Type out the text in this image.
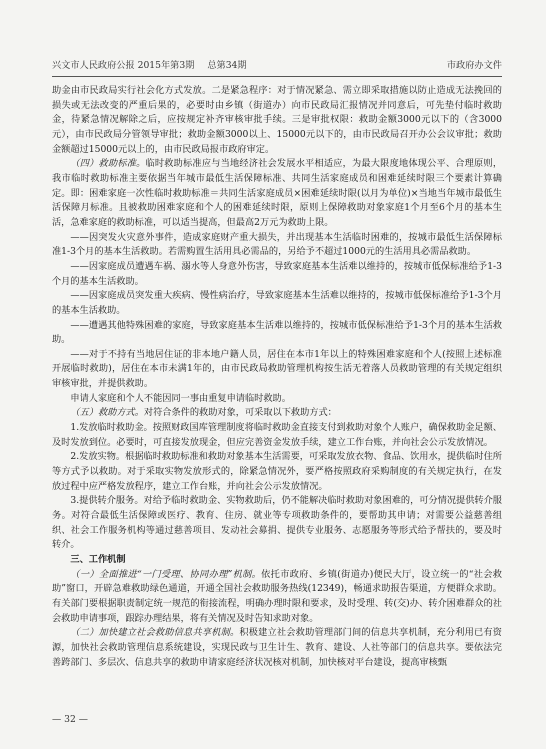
兴文市人民政府公报 2015年第3期 总第34期	市政府办文件

助金由市民政局实行社会化方式发放。二是紧急程序：对于情况紧急、需立即采取措施以防止造成无法挽回的损失或无法改变的严重后果的，必要时由乡镇（街道办）向市民政局汇报情况并同意后，可先垫付临时救助金，待紧急情况解除之后，应按规定补齐审核审批手续。三是审批权限：救助金额3000元以下的（含3000元），由市民政局分管领导审批；救助金额3000以上、15000元以下的，由市民政局召开办公会议审批；救助金额超过15000元以上的，由市民政局报市政府审定。

（四）救助标准。临时救助标准应与当地经济社会发展水平相适应，为最大限度地体现公平、合理原则，我市临时救助标准主要依据当年城市最低生活保障标准、共同生活家庭成员和困难延续时限三个要素计算确定。即：困难家庭一次性临时救助标准＝共同生活家庭成员×困难延续时限(以月为单位)×当地当年城市最低生活保障月标准。且被救助困难家庭和个人的困难延续时限，原则上保障救助对象家庭1个月至6个月的基本生活，急难家庭的救助标准，可以适当提高，但最高2万元为救助上限。

——因突发火灾意外事件，造成家庭财产重大损失，并出现基本生活临时困难的，按城市最低生活保障标准1-3个月的基本生活救助。若需购置生活用具必需品的，另给予不超过1000元的生活用具必需品救助。

——因家庭成员遭遇车祸、溺水等人身意外伤害，导致家庭基本生活难以维持的，按城市低保标准给予1-3个月的基本生活救助。

——因家庭成员突发重大疾病、慢性病治疗，导致家庭基本生活难以维持的，按城市低保标准给予1-3个月的基本生活救助。

——遭遇其他特殊困难的家庭，导致家庭基本生活难以维持的，按城市低保标准给予1-3个月的基本生活救助。

——对于不持有当地居住证的非本地户籍人员，居住在本市1年以上的特殊困难家庭和个人(按照上述标准开展临时救助)，居住在本市未满1年的，由市民政局救助管理机构按生活无着落人员救助管理的有关规定组织审核审批，并提供救助。

申请人家庭和个人不能因同一事由重复申请临时救助。

（五）救助方式。对符合条件的救助对象，可采取以下救助方式：

1.发放临时救助金。按照财政国库管理制度将临时救助金直接支付到救助对象个人账户，确保救助金足额、及时发放到位。必要时，可直接发放现金，但应完善资金发放手续，建立工作台账，并向社会公示发放情况。

2.发放实物。根据临时救助标准和救助对象基本生活需要，可采取发放衣物、食品、饮用水，提供临时住所等方式予以救助。对于采取实物发放形式的，除紧急情况外，要严格按照政府采购制度的有关规定执行，在发放过程中应严格发放程序，建立工作台账，并向社会公示发放情况。

3.提供转介服务。对给予临时救助金、实物救助后，仍不能解决临时救助对象困难的，可分情况提供转介服务。对符合最低生活保障或医疗、教育、住房、就业等专项救助条件的，要帮助其申请；对需要公益慈善组织、社会工作服务机构等通过慈善项目、发动社会募捐、提供专业服务、志愿服务等形式给予帮扶的，要及时转介。

三、工作机制

（一）全面推进“一门受理、协同办理”机制。依托市政府、乡镇(街道办)便民大厅，设立统一的“社会救助”窗口，开辟急难救助绿色通道，开通全国社会救助服务热线(12349)，畅通求助报告渠道，方便群众求助。有关部门要根据职责制定统一规范的衔接流程，明确办理时限和要求，及时受理、转(交)办、转介困难群众的社会救助申请事项，跟踪办理结果，将有关情况及时告知求助对象。

（二）加快建立社会救助信息共享机制。积极建立社会救助管理部门间的信息共享机制，充分利用已有资源，加快社会救助管理信息系统建设，实现民政与卫生计生、教育、建设、人社等部门的信息共享。要依法完善跨部门、多层次、信息共享的救助申请家庭经济状况核对机制，加快核对平台建设，提高审核甄

— 32 —
